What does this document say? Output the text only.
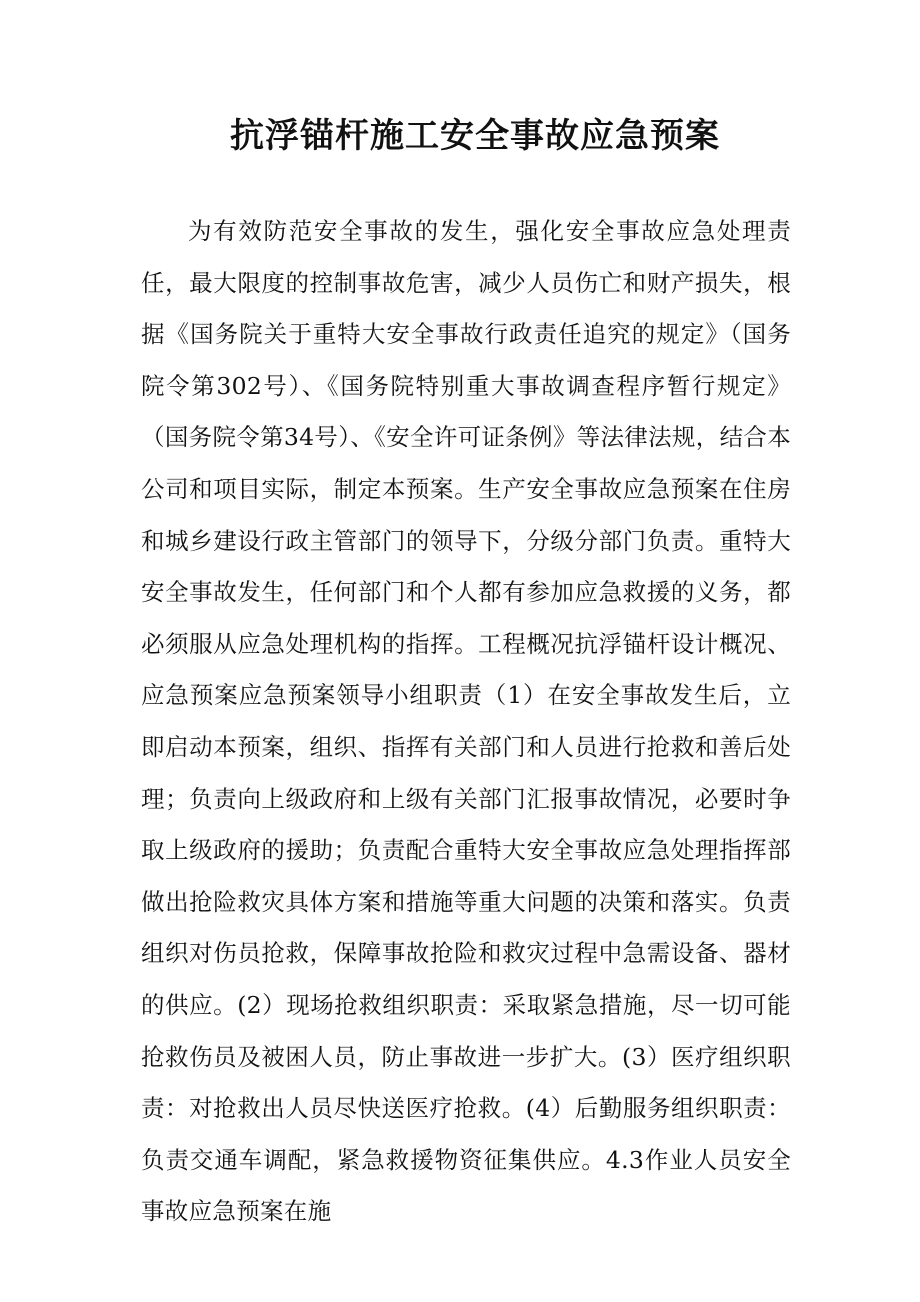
抗浮锚杆施工安全事故应急预案

为有效防范安全事故的发生，强化安全事故应急处理责任，最大限度的控制事故危害，减少人员伤亡和财产损失，根据《国务院关于重特大安全事故行政责任追究的规定》（国务院令第302号）、《国务院特别重大事故调查程序暂行规定》（国务院令第34号）、《安全许可证条例》等法律法规，结合本公司和项目实际，制定本预案。生产安全事故应急预案在住房和城乡建设行政主管部门的领导下，分级分部门负责。重特大安全事故发生，任何部门和个人都有参加应急救援的义务，都必须服从应急处理机构的指挥。工程概况抗浮锚杆设计概况、应急预案应急预案领导小组职责（1）在安全事故发生后，立即启动本预案，组织、指挥有关部门和人员进行抢救和善后处理；负责向上级政府和上级有关部门汇报事故情况，必要时争取上级政府的援助；负责配合重特大安全事故应急处理指挥部做出抢险救灾具体方案和措施等重大问题的决策和落实。负责组织对伤员抢救，保障事故抢险和救灾过程中急需设备、器材的供应。(2）现场抢救组织职责：采取紧急措施，尽一切可能抢救伤员及被困人员，防止事故进一步扩大。(3）医疗组织职责：对抢救出人员尽快送医疗抢救。(4）后勤服务组织职责：负责交通车调配，紧急救援物资征集供应。4.3作业人员安全事故应急预案在施
